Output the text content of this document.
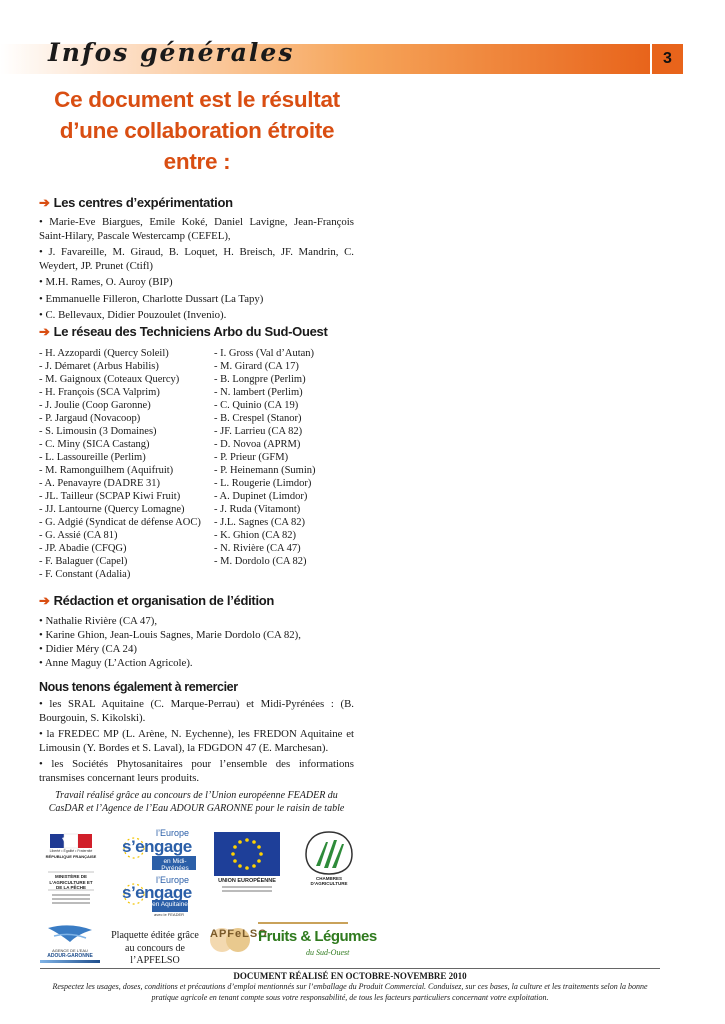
Infos générales	3
Ce document est le résultat
d’une collaboration étroite
entre :
➔ Les centres d’expérimentation
• Marie-Eve Biargues, Emile Koké, Daniel Lavigne, Jean-François Saint-Hilary, Pascale Westercamp (CEFEL),
• J. Favareille, M. Giraud, B. Loquet, H. Breisch, JF. Mandrin, C. Weydert, JP. Prunet (Ctifl)
• M.H. Rames, O. Auroy (BIP)
• Emmanuelle Filleron, Charlotte Dussart (La Tapy)
• C. Bellevaux, Didier Pouzoulet (Invenio).
➔ Le réseau des Techniciens Arbo du Sud-Ouest
- H. Azzopardi (Quercy Soleil)
- J. Démaret (Arbus Habilis)
- M. Gaignoux (Coteaux Quercy)
- H. François (SCA Valprim)
- J. Joulie (Coop Garonne)
- P. Jargaud (Novacoop)
- S. Limousin (3 Domaines)
- C. Miny (SICA Castang)
- L. Lassoureille (Perlim)
- M. Ramonguilhem (Aquifruit)
- A. Penavayre (DADRE 31)
- JL. Tailleur (SCPAP Kiwi Fruit)
- JJ. Lantourne (Quercy Lomagne)
- G. Adgié (Syndicat de défense AOC)
- G. Assié (CA 81)
- JP. Abadie (CFQG)
- F. Balaguer (Capel)
- F. Constant (Adalia)
- I. Gross (Val d’Autan)
- M. Girard (CA 17)
- B. Longpre (Perlim)
- N. lambert (Perlim)
- C. Quinio (CA 19)
- B. Crespel (Stanor)
- JF. Larrieu (CA 82)
- D. Novoa (APRM)
- P. Prieur (GFM)
- P. Heinemann (Sumin)
- L. Rougerie (Limdor)
- A. Dupinet (Limdor)
- J. Ruda (Vitamont)
- J.L. Sagnes (CA 82)
- K. Ghion (CA 82)
- N. Rivière (CA 47)
- M. Dordolo (CA 82)
➔ Rédaction et organisation de l’édition
• Nathalie Rivière (CA 47),
• Karine Ghion, Jean-Louis Sagnes, Marie Dordolo (CA 82),
• Didier Méry (CA 24)
• Anne Maguy (L’Action Agricole).
Nous tenons également à remercier
• les SRAL Aquitaine (C. Marque-Perrau) et Midi-Pyrénées : (B. Bourgouin, S. Kikolski).
• la FREDEC MP (L. Arène, N. Eychenne), les FREDON Aquitaine et Limousin (Y. Bordes et S. Laval), la FDGDON 47 (E. Marchesan).
• les Sociétés Phytosanitaires pour l’ensemble des informations transmises concernant leurs produits.
Travail réalisé grâce au concours de l’Union européenne FEADER du CasDAR et l’Agence de l’Eau ADOUR GARONNE pour le raisin de table
Liberté • Égalité • Fraternité
RÉPUBLIQUE FRANÇAISE
MINISTÈRE DE L’AGRICULTURE ET DE LA PÊCHE
l’Europe
s’engage
en Midi-Pyrénées
l’Europe
s’engage
en Aquitaine
avec le FEADER
UNION EUROPÉENNE	CHAMBRES D’AGRICULTURE
AGENCE DE L’EAU
ADOUR-GARONNE
Plaquette éditée grâce au concours de l’APFELSO
APFeLSO
Fruits & Légumes
du Sud-Ouest
DOCUMENT RÉALISÉ EN OCTOBRE-NOVEMBRE 2010
Respectez les usages, doses, conditions et précautions d’emploi mentionnés sur l’emballage du Produit Commercial. Conduisez, sur ces bases, la culture et les traitements selon la bonne pratique agricole en tenant compte sous votre responsabilité, de tous les facteurs particuliers concernant votre exploitation.
